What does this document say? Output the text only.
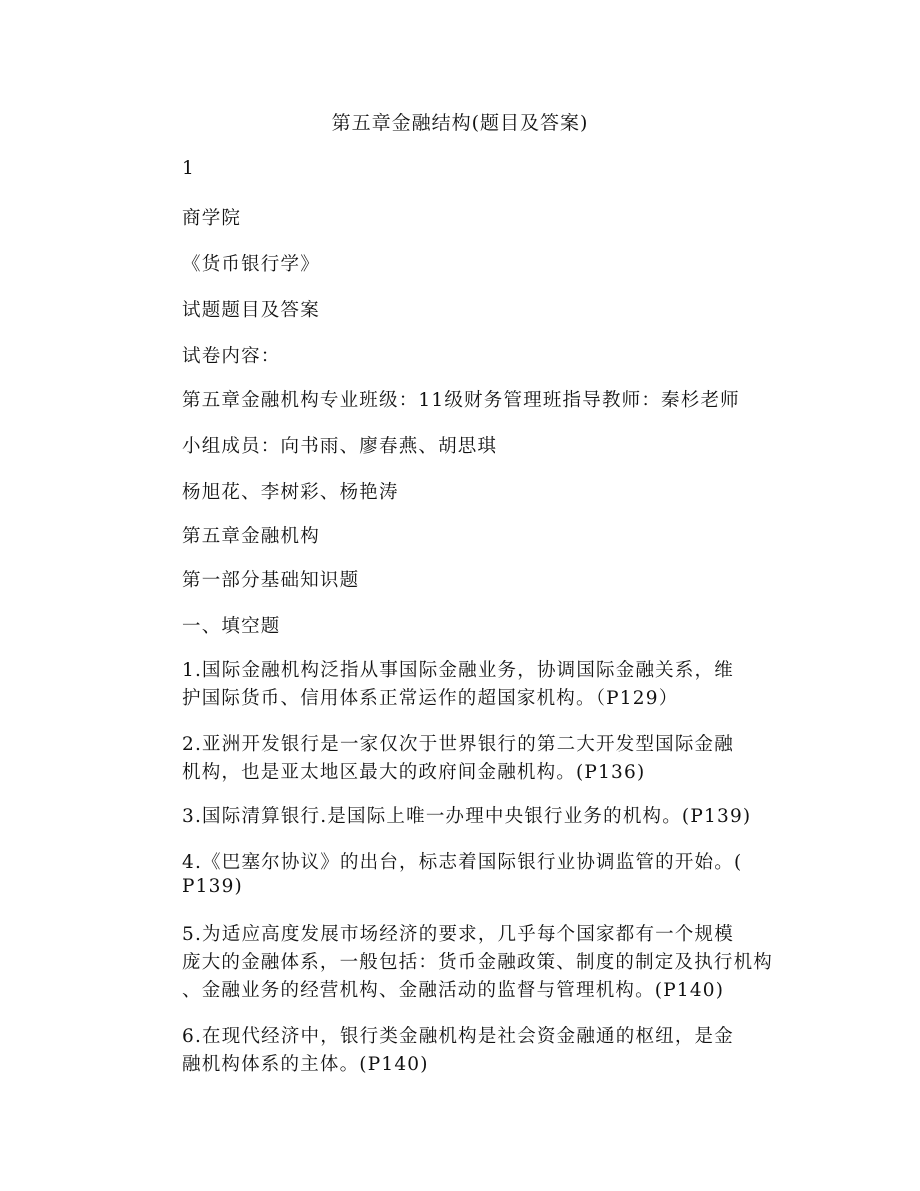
第五章金融结构(题目及答案)
1
商学院
《货币银行学》
试题题目及答案
试卷内容：
第五章金融机构专业班级：11级财务管理班指导教师：秦杉老师
小组成员：向书雨、廖春燕、胡思琪
杨旭花、李树彩、杨艳涛
第五章金融机构
第一部分基础知识题
一、填空题
1.国际金融机构泛指从事国际金融业务，协调国际金融关系，维
护国际货币、信用体系正常运作的超国家机构。（P129）
2.亚洲开发银行是一家仅次于世界银行的第二大开发型国际金融
机构，也是亚太地区最大的政府间金融机构。(P136)
3.国际清算银行.是国际上唯一办理中央银行业务的机构。(P139)
4.《巴塞尔协议》的出台，标志着国际银行业协调监管的开始。(
P139)
5.为适应高度发展市场经济的要求，几乎每个国家都有一个规模
庞大的金融体系，一般包括：货币金融政策、制度的制定及执行机构
、金融业务的经营机构、金融活动的监督与管理机构。(P140)
6.在现代经济中，银行类金融机构是社会资金融通的枢纽，是金
融机构体系的主体。(P140)
